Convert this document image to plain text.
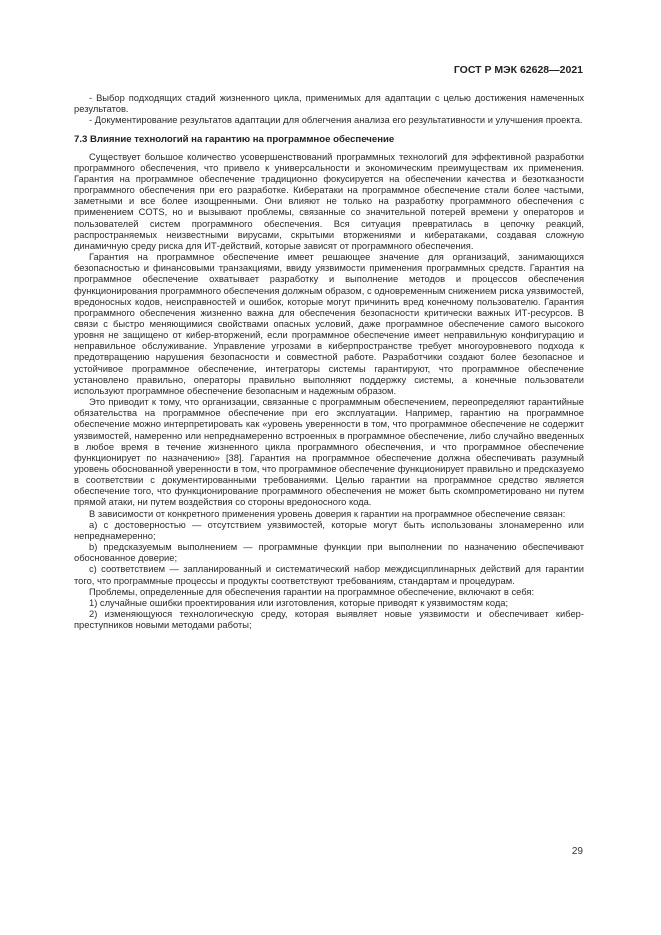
ГОСТ Р МЭК 62628—2021

- Выбор подходящих стадий жизненного цикла, применимых для адаптации с целью достижения намеченных результатов.

- Документирование результатов адаптации для облегчения анализа его результативности и улучшения проекта.

7.3 Влияние технологий на гарантию на программное обеспечение

Существует большое количество усовершенствований программных технологий для эффективной разработки программного обеспечения, что привело к универсальности и экономическим преимуществам их применения. Гарантия на программное обеспечение традиционно фокусируется на обеспечении качества и безотказности программного обеспечения при его разработке. Кибератаки на программное обеспечение стали более частыми, заметными и все более изощренными. Они влияют не только на разработку программного обеспечения с применением COTS, но и вызывают проблемы, связанные со значительной потерей времени у операторов и пользователей систем программного обеспечения. Вся ситуация превратилась в цепочку реакций, распространяемых неизвестными вирусами, скрытыми вторжениями и кибератаками, создавая сложную динамичную среду риска для ИТ-действий, которые зависят от программного обеспечения.

Гарантия на программное обеспечение имеет решающее значение для организаций, занимающихся безопасностью и финансовыми транзакциями, ввиду уязвимости применения программных средств. Гарантия на программное обеспечение охватывает разработку и выполнение методов и процессов обеспечения функционирования программного обеспечения должным образом, с одновременным снижением риска уязвимостей, вредоносных кодов, неисправностей и ошибок, которые могут причинить вред конечному пользователю. Гарантия программного обеспечения жизненно важна для обеспечения безопасности критически важных ИТ-ресурсов. В связи с быстро меняющимися свойствами опасных условий, даже программное обеспечение самого высокого уровня не защищено от кибер-вторжений, если программное обеспечение имеет неправильную конфигурацию и неправильное обслуживание. Управление угрозами в киберпространстве требует многоуровневого подхода к предотвращению нарушения безопасности и совместной работе. Разработчики создают более безопасное и устойчивое программное обеспечение, интеграторы системы гарантируют, что программное обеспечение установлено правильно, операторы правильно выполняют поддержку системы, а конечные пользователи используют программное обеспечение безопасным и надежным образом.

Это приводит к тому, что организации, связанные с программным обеспечением, переопределяют гарантийные обязательства на программное обеспечение при его эксплуатации. Например, гарантию на программное обеспечение можно интерпретировать как «уровень уверенности в том, что программное обеспечение не содержит уязвимостей, намеренно или непреднамеренно встроенных в программное обеспечение, либо случайно введенных в любое время в течение жизненного цикла программного обеспечения, и что программное обеспечение функционирует по назначению» [38]. Гарантия на программное обеспечение должна обеспечивать разумный уровень обоснованной уверенности в том, что программное обеспечение функционирует правильно и предсказуемо в соответствии с документированными требованиями. Целью гарантии на программное средство является обеспечение того, что функционирование программного обеспечения не может быть скомпрометировано ни путем прямой атаки, ни путем воздействия со стороны вредоносного кода.

В зависимости от конкретного применения уровень доверия к гарантии на программное обеспечение связан:

a) с достоверностью — отсутствием уязвимостей, которые могут быть использованы злонамеренно или непреднамеренно;

b) предсказуемым выполнением — программные функции при выполнении по назначению обеспечивают обоснованное доверие;

c) соответствием — запланированный и систематический набор междисциплинарных действий для гарантии того, что программные процессы и продукты соответствуют требованиям, стандартам и процедурам.

Проблемы, определенные для обеспечения гарантии на программное обеспечение, включают в себя:

1) случайные ошибки проектирования или изготовления, которые приводят к уязвимостям кода;

2) изменяющуюся технологическую среду, которая выявляет новые уязвимости и обеспечивает кибер-преступников новыми методами работы;

29
